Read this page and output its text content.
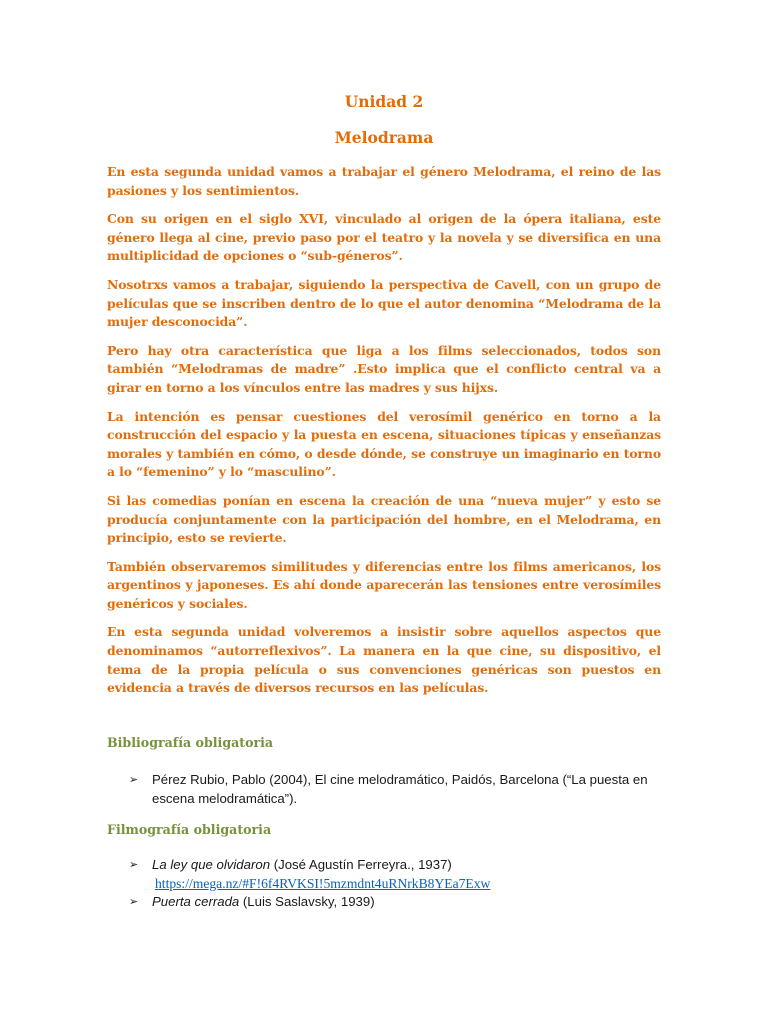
Unidad 2
Melodrama

En esta segunda unidad vamos a trabajar el género Melodrama, el reino de las pasiones y los sentimientos.

Con su origen en el siglo XVI, vinculado al origen de la ópera italiana, este género llega al cine, previo paso por el teatro y la novela y se diversifica en una multiplicidad de opciones o “sub-géneros”.

Nosotrxs vamos a trabajar, siguiendo la perspectiva de Cavell, con un grupo de películas que se inscriben dentro de lo que el autor denomina “Melodrama de la mujer desconocida”.

Pero hay otra característica que liga a los films seleccionados, todos son también “Melodramas de madre” .Esto implica que el conflicto central va a girar en torno a los vínculos entre las madres y sus hijxs.

La intención es pensar cuestiones del verosímil genérico en torno a la construcción del espacio y la puesta en escena, situaciones típicas y enseñanzas morales y también en cómo, o desde dónde, se construye un imaginario en torno a lo “femenino” y lo “masculino”.

Si las comedias ponían en escena la creación de una “nueva mujer” y esto se producía conjuntamente con la participación del hombre, en el Melodrama, en principio, esto se revierte.

También observaremos similitudes y diferencias entre los films americanos, los argentinos y japoneses. Es ahí donde aparecerán las tensiones entre verosímiles genéricos y sociales.

En esta segunda unidad volveremos a insistir sobre aquellos aspectos que denominamos “autorreflexivos”. La manera en la que cine, su dispositivo, el tema de la propia película o sus convenciones genéricas son puestos en evidencia a través de diversos recursos en las películas.

Bibliografía obligatoria
➢ Pérez Rubio, Pablo (2004), El cine melodramático, Paidós, Barcelona (“La puesta en escena melodramática”).
Filmografía obligatoria
➢ La ley que olvidaron (José Agustín Ferreyra., 1937)
https://mega.nz/#F!6f4RVKSI!5mzmdnt4uRNrkB8YEa7Exw
➢ Puerta cerrada (Luis Saslavsky, 1939)
